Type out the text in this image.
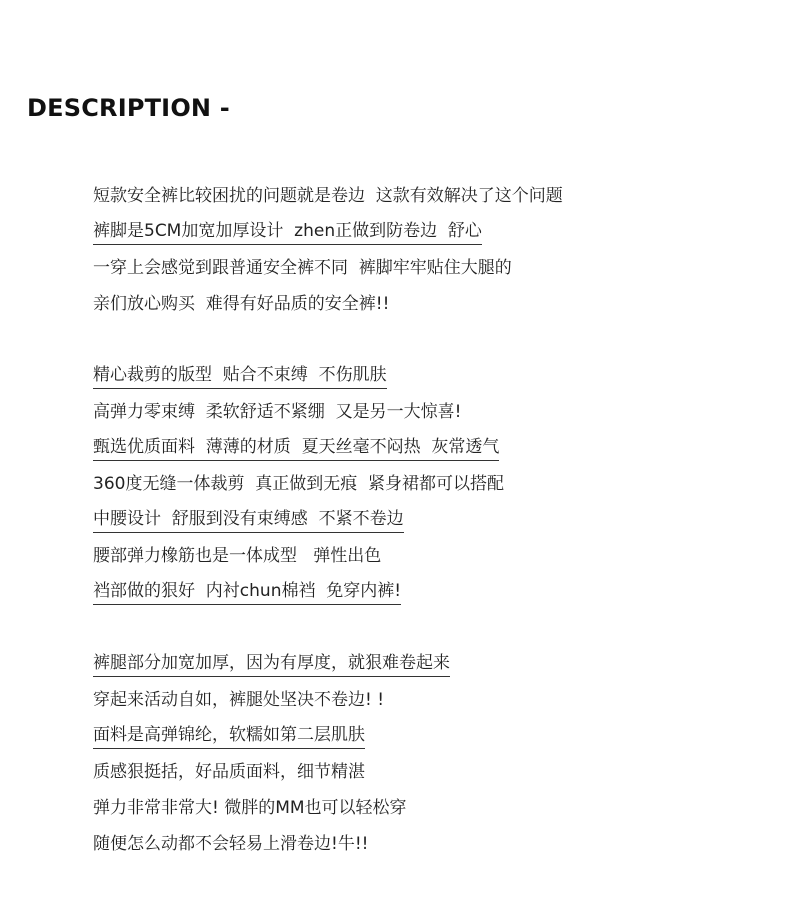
DESCRIPTION -
短款安全裤比较困扰的问题就是卷边  这款有效解决了这个问题
裤脚是5CM加宽加厚设计  zhen正做到防卷边  舒心
一穿上会感觉到跟普通安全裤不同  裤脚牢牢贴住大腿的
亲们放心购买  难得有好品质的安全裤!!
精心裁剪的版型  贴合不束缚  不伤肌肤
高弹力零束缚  柔软舒适不紧绷  又是另一大惊喜!
甄选优质面料  薄薄的材质  夏天丝毫不闷热  灰常透气
360度无缝一体裁剪  真正做到无痕  紧身裙都可以搭配
中腰设计  舒服到没有束缚感  不紧不卷边
腰部弹力橡筋也是一体成型   弹性出色
裆部做的狠好  内衬chun棉裆  免穿内裤!
裤腿部分加宽加厚，因为有厚度，就狠难卷起来
穿起来活动自如，裤腿处坚决不卷边! !
面料是高弹锦纶，软糯如第二层肌肤
质感狠挺括，好品质面料，细节精湛
弹力非常非常大! 微胖的MM也可以轻松穿
随便怎么动都不会轻易上滑卷边!牛!!
